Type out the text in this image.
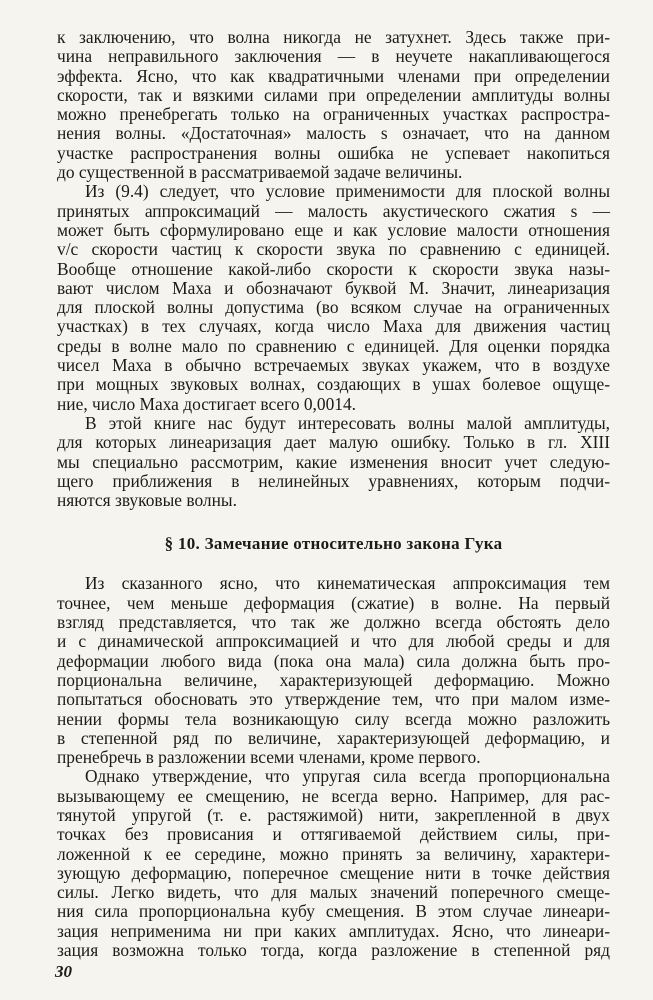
к заключению, что волна никогда не затухнет. Здесь также при-
чина неправильного заключения — в неучете накапливающегося
эффекта. Ясно, что как квадратичными членами при определении
скорости, так и вязкими силами при определении амплитуды волны
можно пренебрегать только на ограниченных участках распростра-
нения волны. «Достаточная» малость s означает, что на данном
участке распространения волны ошибка не успевает накопиться
до существенной в рассматриваемой задаче величины.
Из (9.4) следует, что условие применимости для плоской волны
принятых аппроксимаций — малость акустического сжатия s —
может быть сформулировано еще и как условие малости отношения
v/c скорости частиц к скорости звука по сравнению с единицей.
Вообще отношение какой-либо скорости к скорости звука назы-
вают числом Маха и обозначают буквой M. Значит, линеаризация
для плоской волны допустима (во всяком случае на ограниченных
участках) в тех случаях, когда число Маха для движения частиц
среды в волне мало по сравнению с единицей. Для оценки порядка
чисел Маха в обычно встречаемых звуках укажем, что в воздухе
при мощных звуковых волнах, создающих в ушах болевое ощуще-
ние, число Маха достигает всего 0,0014.
В этой книге нас будут интересовать волны малой амплитуды,
для которых линеаризация дает малую ошибку. Только в гл. XIII
мы специально рассмотрим, какие изменения вносит учет следую-
щего приближения в нелинейных уравнениях, которым подчи-
няются звуковые волны.
§ 10. Замечание относительно закона Гука
Из сказанного ясно, что кинематическая аппроксимация тем
точнее, чем меньше деформация (сжатие) в волне. На первый
взгляд представляется, что так же должно всегда обстоять дело
и с динамической аппроксимацией и что для любой среды и для
деформации любого вида (пока она мала) сила должна быть про-
порциональна величине, характеризующей деформацию. Можно
попытаться обосновать это утверждение тем, что при малом изме-
нении формы тела возникающую силу всегда можно разложить
в степенной ряд по величине, характеризующей деформацию, и
пренебречь в разложении всеми членами, кроме первого.
Однако утверждение, что упругая сила всегда пропорциональна
вызывающему ее смещению, не всегда верно. Например, для рас-
тянутой упругой (т. е. растяжимой) нити, закрепленной в двух
точках без провисания и оттягиваемой действием силы, при-
ложенной к ее середине, можно принять за величину, характери-
зующую деформацию, поперечное смещение нити в точке действия
силы. Легко видеть, что для малых значений поперечного смеще-
ния сила пропорциональна кубу смещения. В этом случае линеари-
зация неприменима ни при каких амплитудах. Ясно, что линеари-
зация возможна только тогда, когда разложение в степенной ряд
30
